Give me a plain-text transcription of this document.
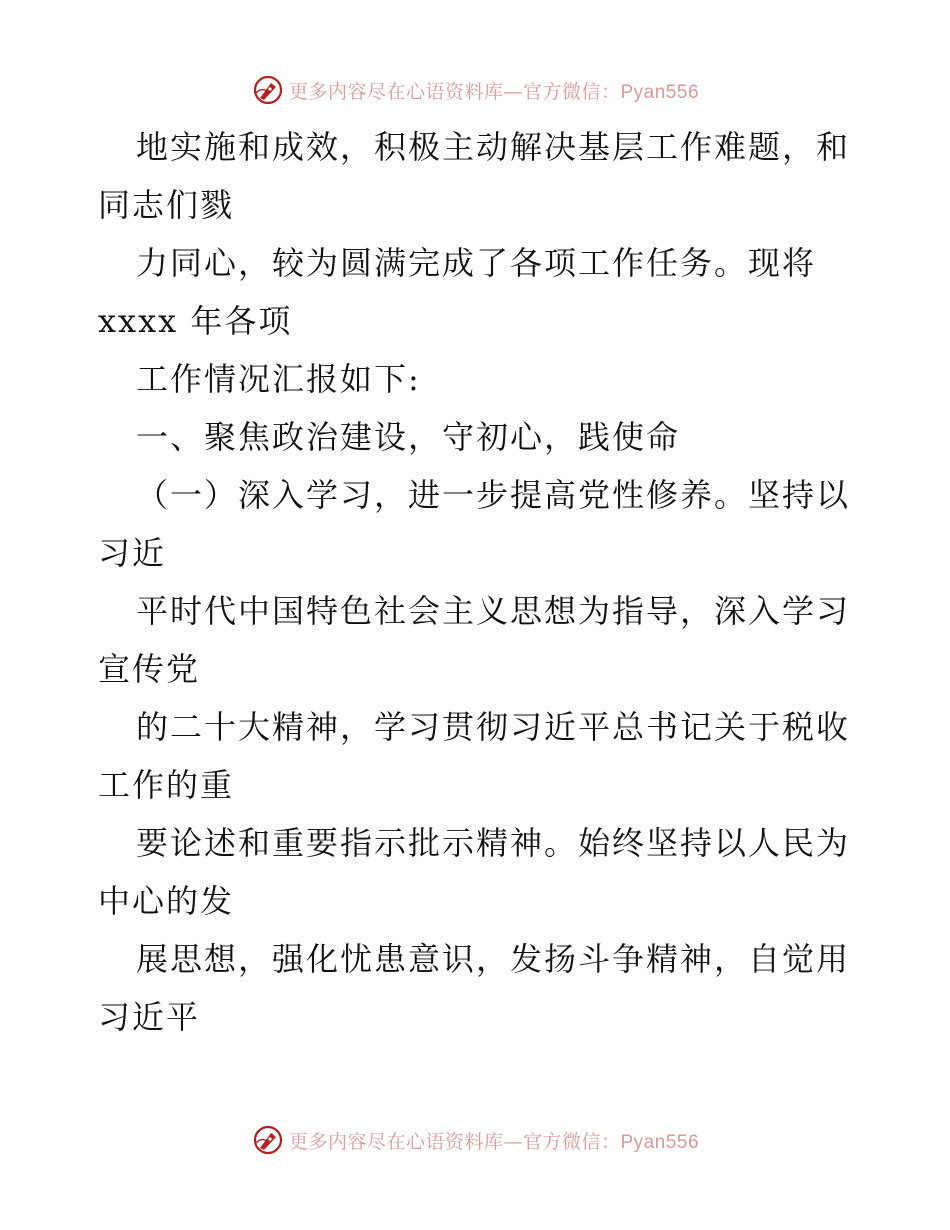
更多内容尽在心语资料库—官方微信：Pyan556
地实施和成效，积极主动解决基层工作难题，和
同志们戮
力同心，较为圆满完成了各项工作任务。现将
xxxx 年各项
工作情况汇报如下:
一、聚焦政治建设，守初心，践使命
（一）深入学习，进一步提高党性修养。坚持以
习近
平时代中国特色社会主义思想为指导，深入学习
宣传党
的二十大精神，学习贯彻习近平总书记关于税收
工作的重
要论述和重要指示批示精神。始终坚持以人民为
中心的发
展思想，强化忧患意识，发扬斗争精神，自觉用
习近平
更多内容尽在心语资料库—官方微信：Pyan556
